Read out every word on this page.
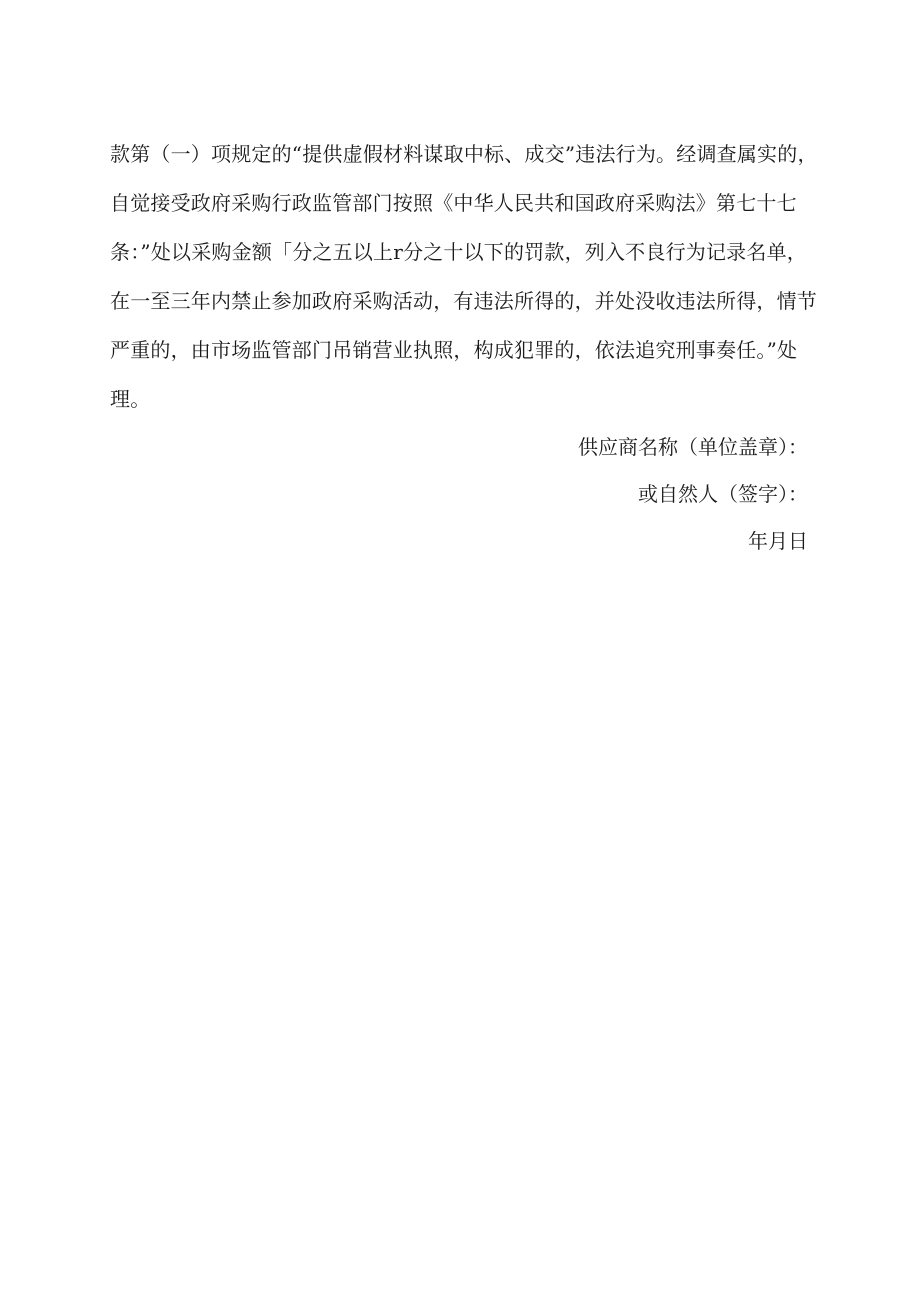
款第（一）项规定的“提供虚假材料谋取中标、成交”违法行为。经调查属实的，
自觉接受政府采购行政监管部门按照《中华人民共和国政府采购法》第七十七
条：”处以采购金额「分之五以上r分之十以下的罚款，列入不良行为记录名单，
在一至三年内禁止参加政府采购活动，有违法所得的，并处没收违法所得，情节
严重的，由市场监管部门吊销营业执照，构成犯罪的，依法追究刑事奏任。”处
理。
供应商名称（单位盖章）：
或自然人（签字）：
年月日
